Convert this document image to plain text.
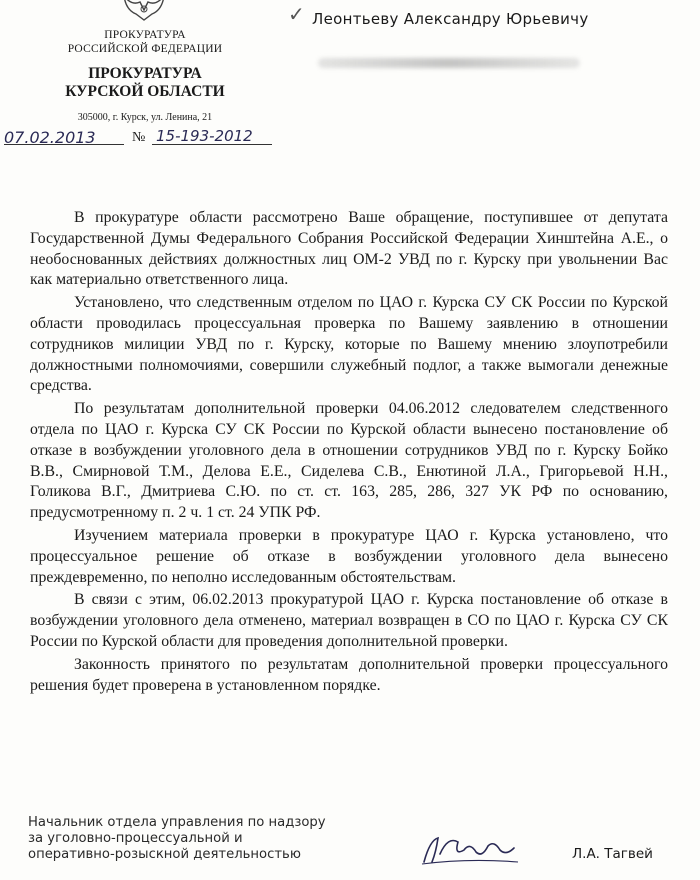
ПРОКУРАТУРА
РОССИЙСКОЙ ФЕДЕРАЦИИ
ПРОКУРАТУРА
КУРСКОЙ ОБЛАСТИ
305000, г. Курск, ул. Ленина, 21
07.02.2013	№ 15-193-2012
✓ Леонтьеву Александру Юрьевичу

В прокуратуре области рассмотрено Ваше обращение, поступившее от депутата Государственной Думы Федерального Собрания Российской Федерации Хинштейна А.Е., о необоснованных действиях должностных лиц ОМ-2 УВД по г. Курску при увольнении Вас как материально ответственного лица.

Установлено, что следственным отделом по ЦАО г. Курска СУ СК России по Курской области проводилась процессуальная проверка по Вашему заявлению в отношении сотрудников милиции УВД по г. Курску, которые по Вашему мнению злоупотребили должностными полномочиями, совершили служебный подлог, а также вымогали денежные средства.

По результатам дополнительной проверки 04.06.2012 следователем следственного отдела по ЦАО г. Курска СУ СК России по Курской области вынесено постановление об отказе в возбуждении уголовного дела в отношении сотрудников УВД по г. Курску Бойко В.В., Смирновой Т.М., Делова Е.Е., Сиделева С.В., Енютиной Л.А., Григорьевой Н.Н., Голикова В.Г., Дмитриева С.Ю. по ст. ст. 163, 285, 286, 327 УК РФ по основанию, предусмотренному п. 2 ч. 1 ст. 24 УПК РФ.

Изучением материала проверки в прокуратуре ЦАО г. Курска установлено, что процессуальное решение об отказе в возбуждении уголовного дела вынесено преждевременно, по неполно исследованным обстоятельствам.

В связи с этим, 06.02.2013 прокуратурой ЦАО г. Курска постановление об отказе в возбуждении уголовного дела отменено, материал возвращен в СО по ЦАО г. Курска СУ СК России по Курской области для проведения дополнительной проверки.

Законность принятого по результатам дополнительной проверки процессуального решения будет проверена в установленном порядке.

Начальник отдела управления по надзору
за уголовно-процессуальной и
оперативно-розыскной деятельностью	Л.А. Тагвей
